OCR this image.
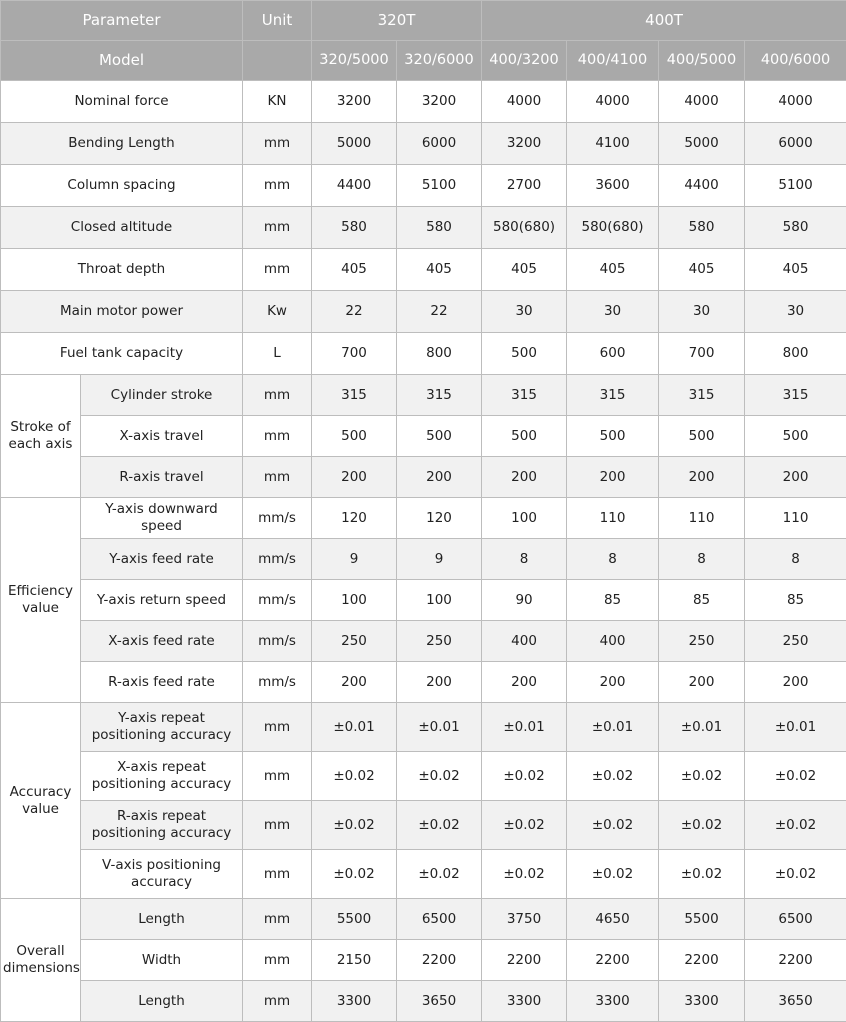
Parameter		Unit	320T		400T			
Model			320/5000	320/6000	400/3200	400/4100	400/5000	400/6000
Nominal force		KN	3200	3200	4000	4000	4000	4000
Bending Length		mm	5000	6000	3200	4100	5000	6000
Column spacing		mm	4400	5100	2700	3600	4400	5100
Closed altitude		mm	580	580	580(680)	580(680)	580	580
Throat depth		mm	405	405	405	405	405	405
Main motor power		Kw	22	22	30	30	30	30
Fuel tank capacity		L	700	800	500	600	700	800
Stroke of each axis	Cylinder stroke	mm	315	315	315	315	315	315
	X-axis travel	mm	500	500	500	500	500	500
	R-axis travel	mm	200	200	200	200	200	200
Efficiency value	Y-axis downward speed	mm/s	120	120	100	110	110	110
	Y-axis feed rate	mm/s	9	9	8	8	8	8
	Y-axis return speed	mm/s	100	100	90	85	85	85
	X-axis feed rate	mm/s	250	250	400	400	250	250
	R-axis feed rate	mm/s	200	200	200	200	200	200
Accuracy value	Y-axis repeat positioning accuracy	mm	±0.01	±0.01	±0.01	±0.01	±0.01	±0.01
	X-axis repeat positioning accuracy	mm	±0.02	±0.02	±0.02	±0.02	±0.02	±0.02
	R-axis repeat positioning accuracy	mm	±0.02	±0.02	±0.02	±0.02	±0.02	±0.02
	V-axis positioning accuracy	mm	±0.02	±0.02	±0.02	±0.02	±0.02	±0.02
Overall dimensions	Length	mm	5500	6500	3750	4650	5500	6500
	Width	mm	2150	2200	2200	2200	2200	2200
	Length	mm	3300	3650	3300	3300	3300	3650
